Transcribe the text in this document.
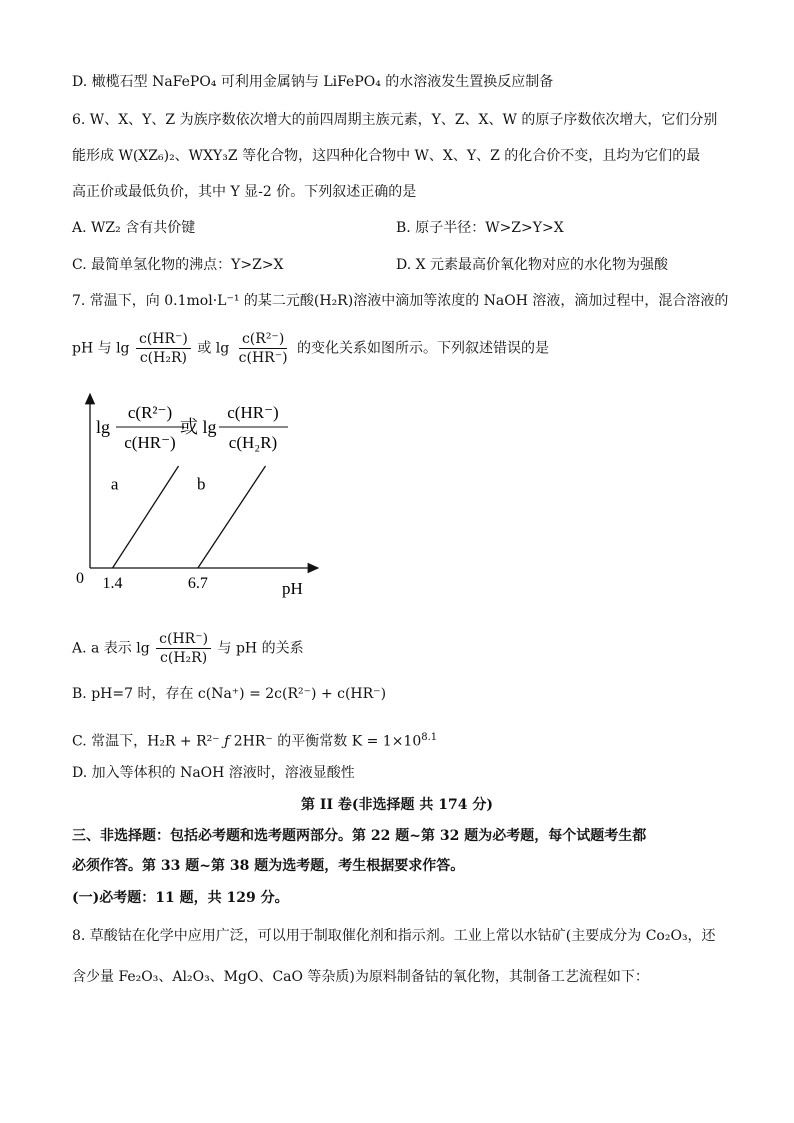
D. 橄榄石型 NaFePO₄ 可利用金属钠与 LiFePO₄ 的水溶液发生置换反应制备
6. W、X、Y、Z 为族序数依次增大的前四周期主族元素，Y、Z、X、W 的原子序数依次增大，它们分别
能形成 W(XZ₆)₂、WXY₃Z 等化合物，这四种化合物中 W、X、Y、Z 的化合价不变，且均为它们的最
高正价或最低负价，其中 Y 显-2 价。下列叙述正确的是
A. WZ₂ 含有共价键	B. 原子半径：W>Z>Y>X
C. 最简单氢化物的沸点：Y>Z>X	D. X 元素最高价氧化物对应的水化物为强酸
7. 常温下，向 0.1mol·L⁻¹ 的某二元酸(H₂R)溶液中滴加等浓度的 NaOH 溶液，滴加过程中，混合溶液的
pH 与 $\lg \frac{c(HR^-)}{\text{c(H₂R)}}$ 或 $\lg \frac{\text{c(R²⁻)}}{c(HR^-)}$ 的变化关系如图所示。下列叙述错误的是
lg
c(R²⁻)
c(HR⁻)
或 lg
c(HR⁻)
c(H₂R)
a	b
0 1.4	6.7	pH
A. a 表示 $\lg \frac{c(HR^-)}{\text{c(H₂R)}}$ 与 pH 的关系
B. pH=7 时，存在 c(Na⁺) = 2c(R²⁻) + c(HR⁻)
C. 常温下，H₂R + R²⁻ ƒ 2HR⁻ 的平衡常数 $K = 1\times 10^{8.1}$
D. 加入等体积的 NaOH 溶液时，溶液显酸性
第 II 卷(非选择题 共 174 分)
三、非选择题：包括必考题和选考题两部分。第 22 题~第 32 题为必考题，每个试题考生都
必须作答。第 33 题~第 38 题为选考题，考生根据要求作答。
(一)必考题：11 题，共 129 分。
8. 草酸钴在化学中应用广泛，可以用于制取催化剂和指示剂。工业上常以水钴矿(主要成分为 Co₂O₃，还
含少量 Fe₂O₃、Al₂O₃、MgO、CaO 等杂质)为原料制备钴的氧化物，其制备工艺流程如下：
